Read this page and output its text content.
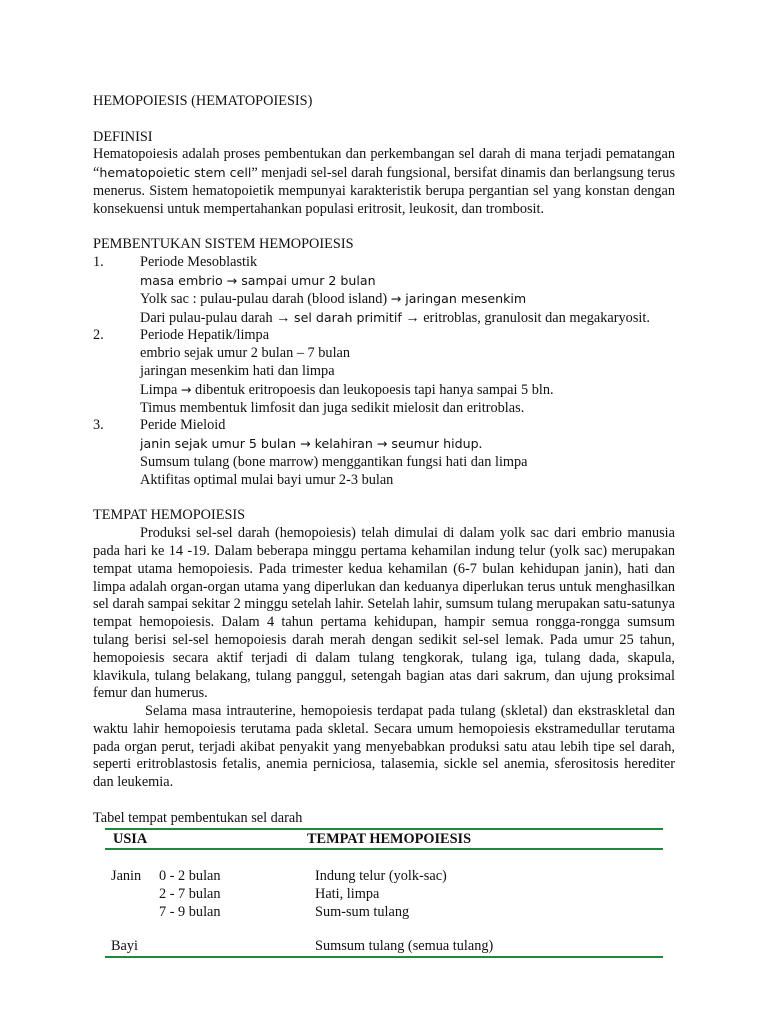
HEMOPOIESIS (HEMATOPOIESIS)

DEFINISI

Hematopoiesis adalah proses pembentukan dan perkembangan sel darah di mana terjadi pematangan “hematopoietic stem cell” menjadi sel-sel darah fungsional, bersifat dinamis dan berlangsung terus menerus. Sistem hematopoietik mempunyai karakteristik berupa pergantian sel yang konstan dengan konsekuensi untuk mempertahankan populasi eritrosit, leukosit, dan trombosit.

PEMBENTUKAN SISTEM HEMOPOIESIS

1.	Periode Mesoblastik

masa embrio → sampai umur 2 bulan

Yolk sac : pulau-pulau darah (blood island) → jaringan mesenkim

Dari pulau-pulau darah → sel darah primitif → eritroblas, granulosit dan megakaryosit.

2.	Periode Hepatik/limpa

embrio sejak umur 2 bulan – 7 bulan

jaringan mesenkim hati dan limpa

Limpa → dibentuk eritropoesis dan leukopoesis tapi hanya sampai 5 bln.

Timus membentuk limfosit dan juga sedikit mielosit dan eritroblas.

3.	Peride Mieloid

janin sejak umur 5 bulan → kelahiran → seumur hidup.

Sumsum tulang (bone marrow) menggantikan fungsi hati dan limpa

Aktifitas optimal mulai bayi umur 2-3 bulan

TEMPAT HEMOPOIESIS

Produksi sel-sel darah (hemopoiesis) telah dimulai di dalam yolk sac dari embrio manusia pada hari ke 14 -19. Dalam beberapa minggu pertama kehamilan indung telur (yolk sac) merupakan tempat utama hemopoiesis. Pada trimester kedua kehamilan (6-7 bulan kehidupan janin), hati dan limpa adalah organ-organ utama yang diperlukan dan keduanya diperlukan terus untuk menghasilkan sel darah sampai sekitar 2 minggu setelah lahir. Setelah lahir, sumsum tulang merupakan satu-satunya tempat hemopoiesis. Dalam 4 tahun pertama kehidupan, hampir semua rongga-rongga sumsum tulang berisi sel-sel hemopoiesis darah merah dengan sedikit sel-sel lemak. Pada umur 25 tahun, hemopoiesis secara aktif terjadi di dalam tulang tengkorak, tulang iga, tulang dada, skapula, klavikula, tulang belakang, tulang panggul, setengah bagian atas dari sakrum, dan ujung proksimal femur dan humerus.

Selama masa intrauterine, hemopoiesis terdapat pada tulang (skletal) dan ekstraskletal dan waktu lahir hemopoiesis terutama pada skletal. Secara umum hemopoiesis ekstramedullar terutama pada organ perut, terjadi akibat penyakit yang menyebabkan produksi satu atau lebih tipe sel darah, seperti eritroblastosis fetalis, anemia perniciosa, talasemia, sickle sel anemia, sferositosis herediter dan leukemia.

Tabel tempat pembentukan sel darah

USIA	TEMPAT HEMOPOIESIS
Janin 0 - 2 bulan	Indung telur (yolk-sac)
2 - 7 bulan	Hati, limpa
7 - 9 bulan	Sum-sum tulang
Bayi	Sumsum tulang (semua tulang)
